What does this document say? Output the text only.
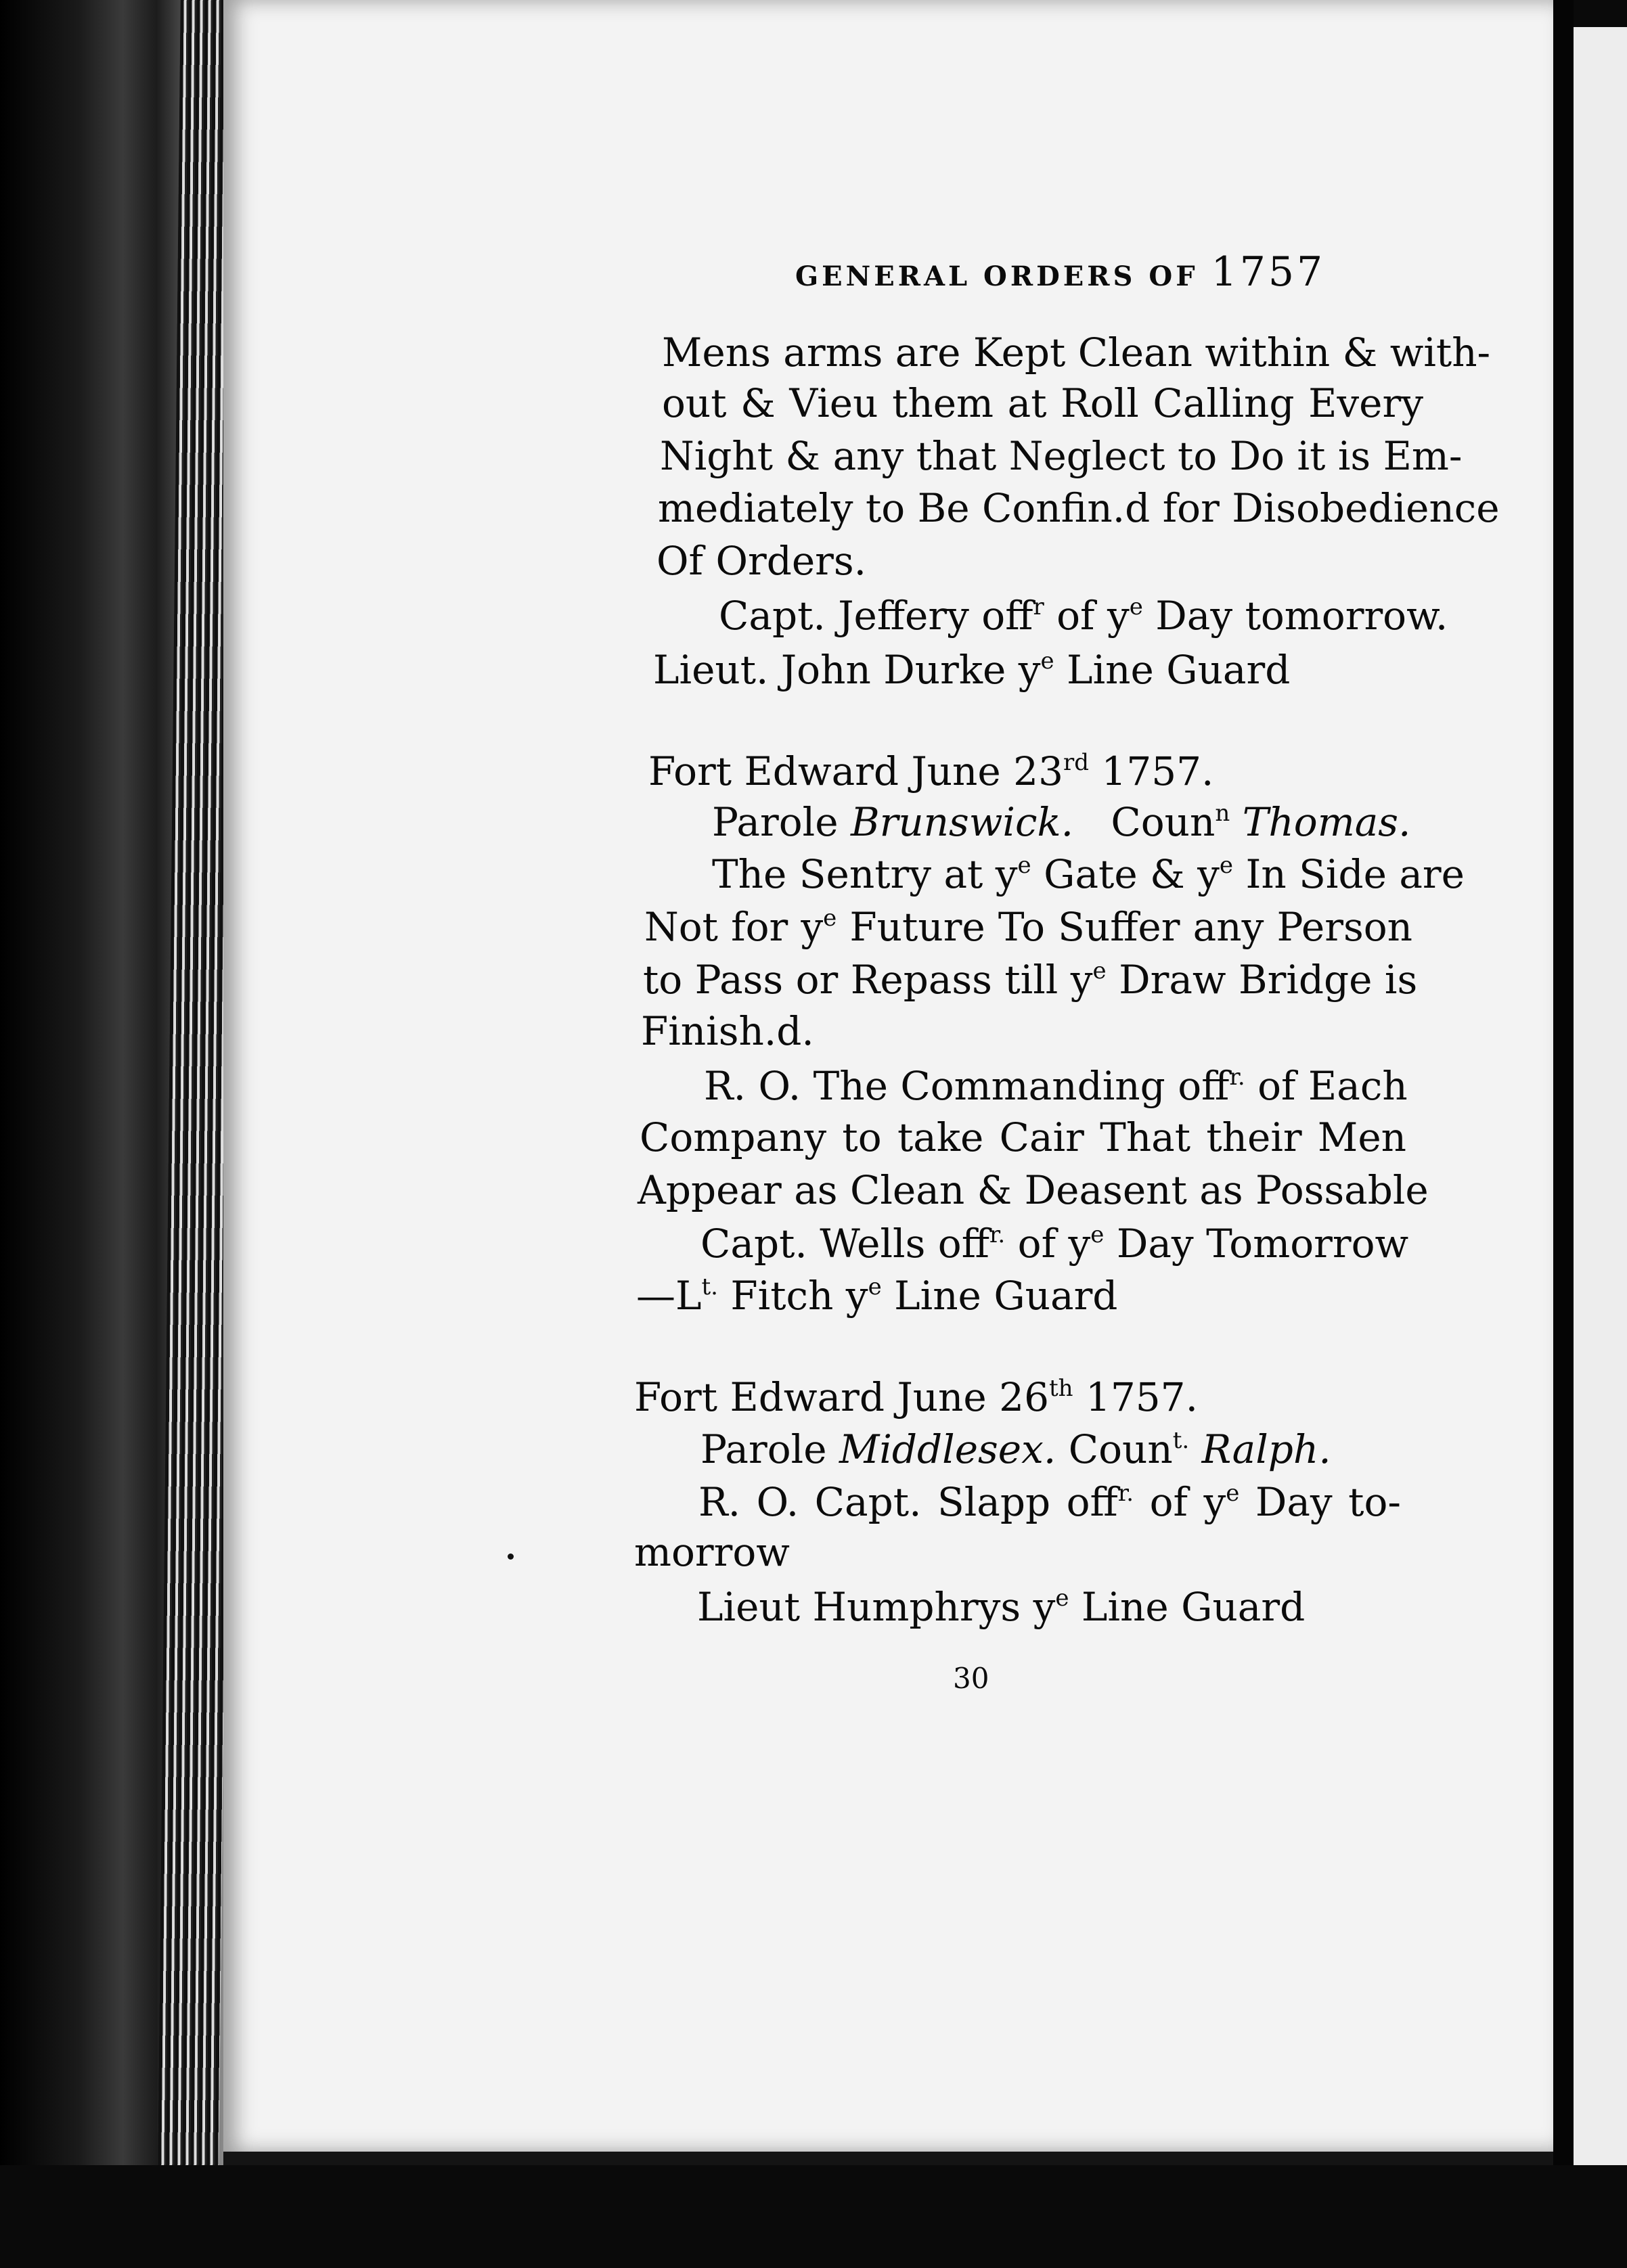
GENERAL ORDERS OF 1757
Mens arms are Kept Clean within & with-
out & Vieu them at Roll Calling Every
Night & any that Neglect to Do it is Em-
mediately to Be Confin.d for Disobedience
Of Orders.
Capt. Jeffery off$^r$ of $y^e$ Day tomorrow.
Lieut. John Durke $y^e$ Line Guard
Fort Edward June 23rd 1757.
Parole Brunswick. Coun$^n$ Thomas.
The Sentry at $y^e$ Gate & $y^e$ In Side are
Not for $y^e$ Future To Suffer any Person
to Pass or Repass till $y^e$ Draw Bridge is
Finish.d.
R. O. The Commanding off$^{r.}$ of Each
Company to take Cair That their Men
Appear as Clean & Deasent as Possable
Capt. Wells off$^{r.}$ of $y^e$ Day Tomorrow
$—L^{t.}$ Fitch $y^e$ Line Guard
Fort Edward June 26th 1757.
Parole Middlesex. Coun$^{t.}$ Ralph.
R. O. Capt. Slapp off$^{r.}$ of $y^e$ Day to-
morrow
Lieut Humphrys $y^e$ Line Guard
30
